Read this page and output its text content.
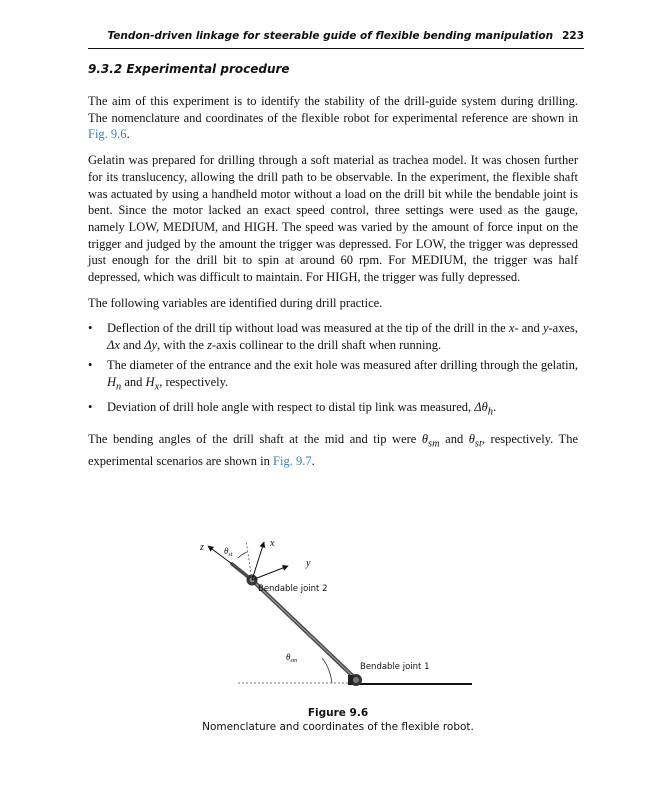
Tendon-driven linkage for steerable guide of flexible bending manipulation 223
9.3.2 Experimental procedure

The aim of this experiment is to identify the stability of the drill-guide system during drilling. The nomenclature and coordinates of the flexible robot for experimental reference are shown in Fig. 9.6.

Gelatin was prepared for drilling through a soft material as trachea model. It was chosen further for its translucency, allowing the drill path to be observable. In the experiment, the flexible shaft was actuated by using a handheld motor without a load on the drill bit while the bendable joint is bent. Since the motor lacked an exact speed control, three settings were used as the gauge, namely LOW, MEDIUM, and HIGH. The speed was varied by the amount of force input on the trigger and judged by the amount the trigger was depressed. For LOW, the trigger was depressed just enough for the drill bit to spin at around 60 rpm. For MEDIUM, the trigger was half depressed, which was difficult to maintain. For HIGH, the trigger was fully depressed.

The following variables are identified during drill practice.

• Deflection of the drill tip without load was measured at the tip of the drill in the x- and y-axes, Δx and Δy, with the z-axis collinear to the drill shaft when running.
• The diameter of the entrance and the exit hole was measured after drilling through the gelatin, $H_n$ and $H_x$, respectively.
• Deviation of drill hole angle with respect to distal tip link was measured, $\Delta\theta_h$.

The bending angles of the drill shaft at the mid and tip were $\theta_{sm}$ and $\theta_{st}$, respectively. The experimental scenarios are shown in Fig. 9.7.

z	x
y
$\theta_{st}$
$\theta_{sm}$
Bendable joint 2
Bendable joint 1
Figure 9.6
Nomenclature and coordinates of the flexible robot.
